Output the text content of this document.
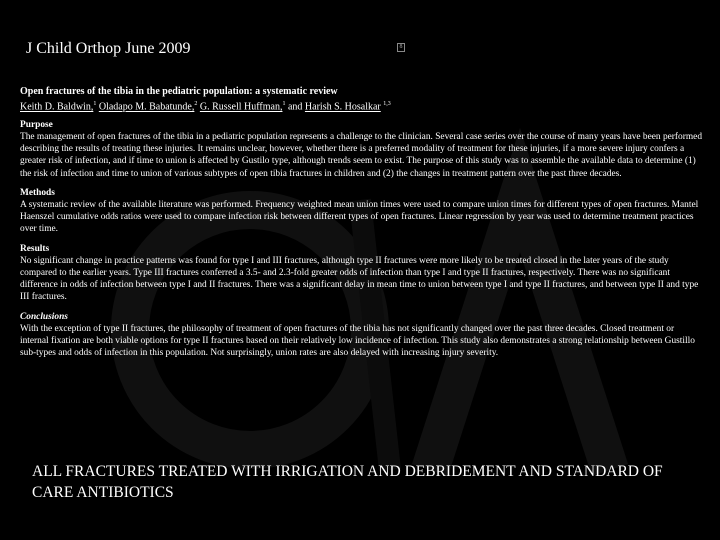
J Child Orthop June 2009	8

Open fractures of the tibia in the pediatric population: a systematic review

Keith D. Baldwin,$^1$ Oladapo M. Babatunde,$^2$ G. Russell Huffman,$^1$ and Harish S. Hosalkar $^{1,3}$

Purpose
The management of open fractures of the tibia in a pediatric population represents a challenge to the clinician. Several case series over the course of many years have been performed describing the results of treating these injuries. It remains unclear, however, whether there is a preferred modality of treatment for these injuries, if a more severe injury confers a greater risk of infection, and if time to union is affected by Gustilo type, although trends seem to exist. The purpose of this study was to assemble the available data to determine (1) the risk of infection and time to union of various subtypes of open tibia fractures in children and (2) the changes in treatment pattern over the past three decades.
Methods
A systematic review of the available literature was performed. Frequency weighted mean union times were used to compare union times for different types of open fractures. Mantel Haenszel cumulative odds ratios were used to compare infection risk between different types of open fractures. Linear regression by year was used to determine treatment practices over time.
Results
No significant change in practice patterns was found for type I and III fractures, although type II fractures were more likely to be treated closed in the later years of the study compared to the earlier years. Type III fractures conferred a 3.5- and 2.3-fold greater odds of infection than type I and type II fractures, respectively. There was no significant difference in odds of infection between type I and II fractures. There was a significant delay in mean time to union between type I and type II fractures, and between type II and type III fractures.
Conclusions
With the exception of type II fractures, the philosophy of treatment of open fractures of the tibia has not significantly changed over the past three decades. Closed treatment or internal fixation are both viable options for type II fractures based on their relatively low incidence of infection. This study also demonstrates a strong relationship between Gustillo sub-types and odds of infection in this population. Not surprisingly, union rates are also delayed with increasing injury severity.
ALL FRACTURES TREATED WITH IRRIGATION AND DEBRIDEMENT AND STANDARD OF CARE ANTIBIOTICS
